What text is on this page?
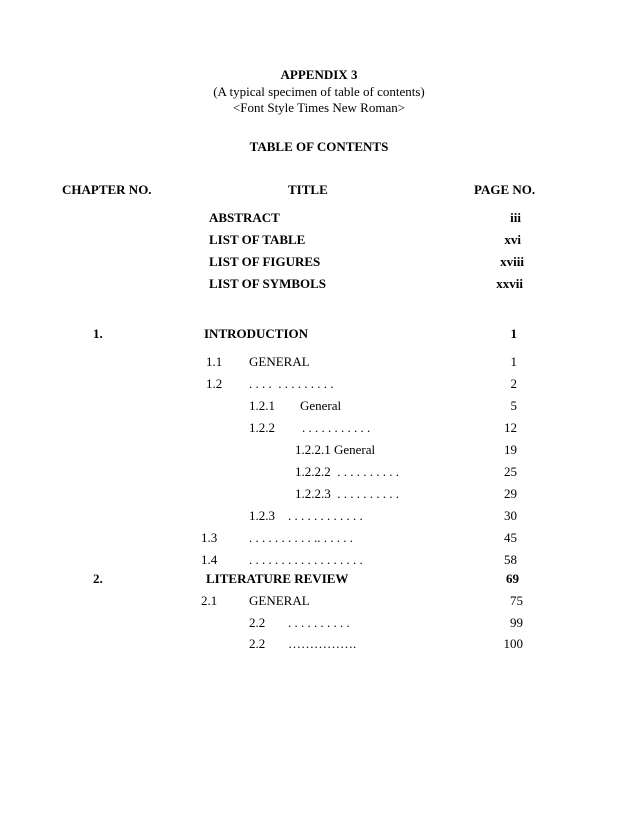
APPENDIX 3
(A typical specimen of table of contents)
<Font Style Times New Roman>
TABLE OF CONTENTS
CHAPTER NO.	TITLE	PAGE NO.
ABSTRACT	iii
LIST OF TABLE	xvi
LIST OF FIGURES	xviii
LIST OF SYMBOLS	xxvii
1.	INTRODUCTION	1
1.1 GENERAL	1
1.2 . . . .  . . . . . . . . .	2
1.2.1 General	5
1.2.2 . . . . . . . . . . .	12
1.2.2.1 General	19
1.2.2.2  . . . . . . . . . .	25
1.2.2.3  . . . . . . . . . .	29
1.2.3 . . . . . . . . . . . .	30
1.3 . . . . . . . . . . .. . . . . .	45
1.4 . . . . . . . . . . . . . . . . . .	58
2.	LITERATURE REVIEW	69
2.1 GENERAL	75
2.2 . . . . . . . . . .	99
2.2 …………….	100
